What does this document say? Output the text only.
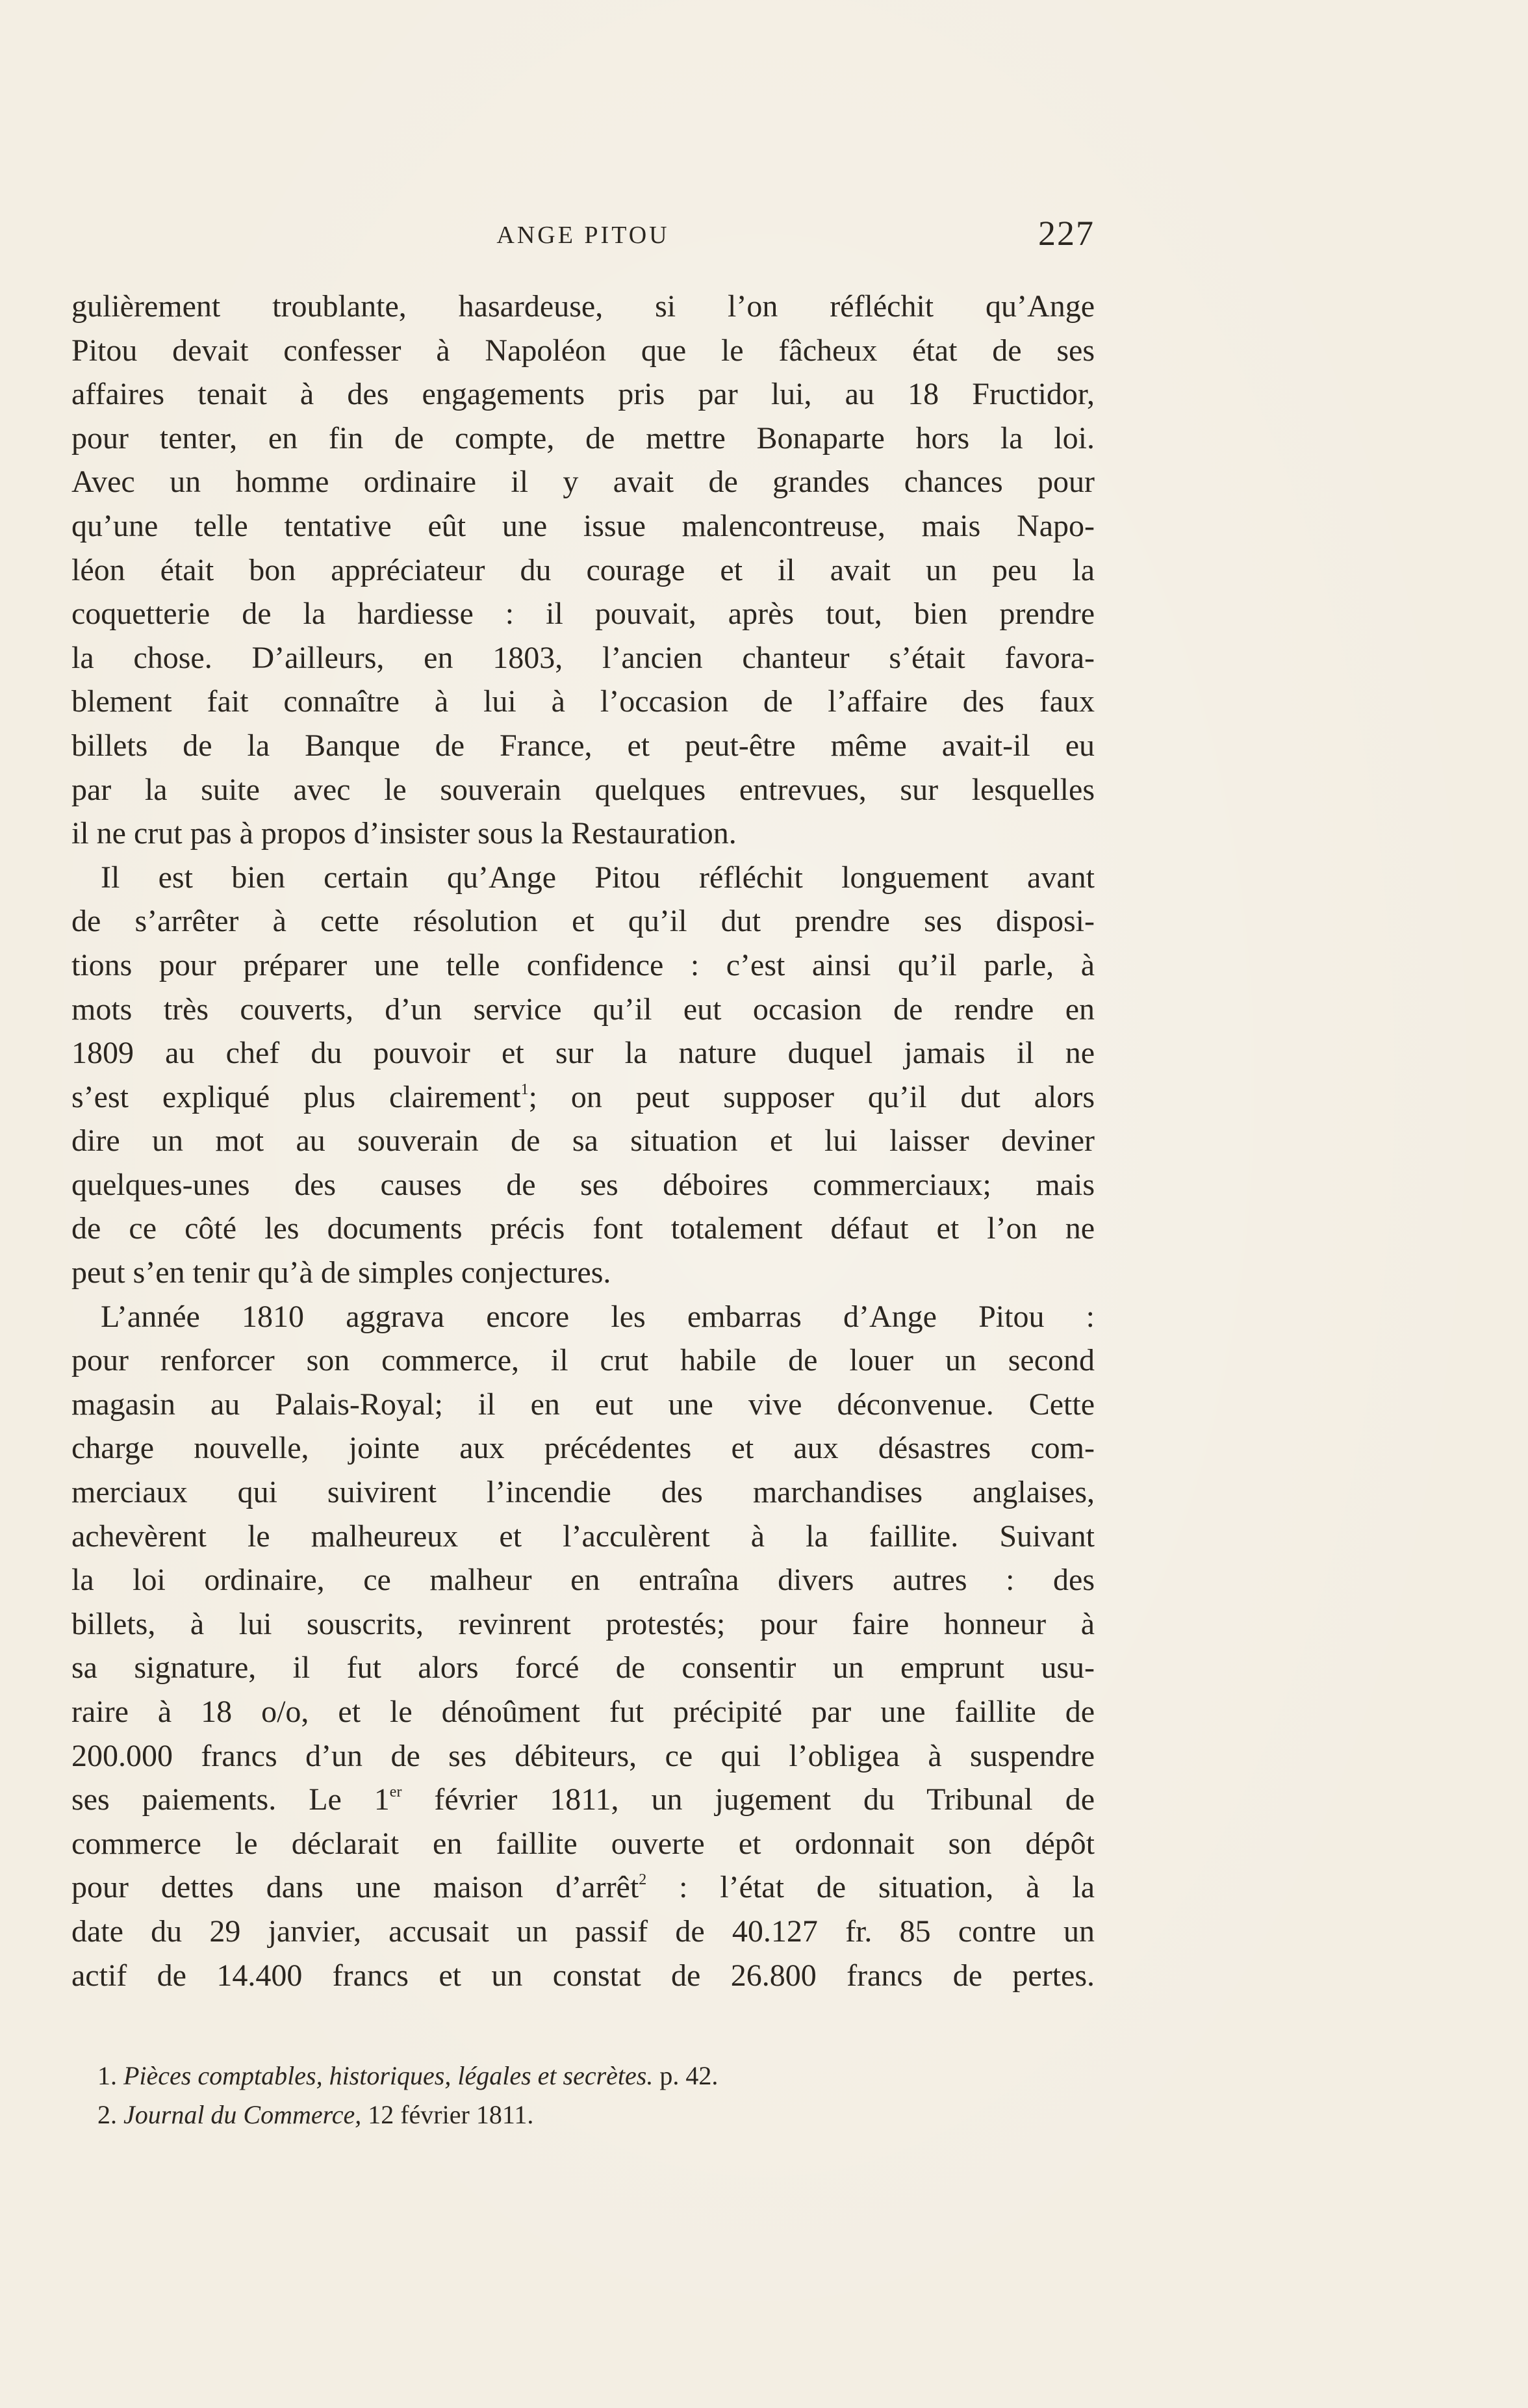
ANGE PITOU	227
gulièrement troublante, hasardeuse, si l’on réfléchit qu’Ange
Pitou devait confesser à Napoléon que le fâcheux état de ses
affaires tenait à des engagements pris par lui, au 18 Fructidor,
pour tenter, en fin de compte, de mettre Bonaparte hors la loi.
Avec un homme ordinaire il y avait de grandes chances pour
qu’une telle tentative eût une issue malencontreuse, mais Napo-
léon était bon appréciateur du courage et il avait un peu la
coquetterie de la hardiesse : il pouvait, après tout, bien prendre
la chose. D’ailleurs, en 1803, l’ancien chanteur s’était favora-
blement fait connaître à lui à l’occasion de l’affaire des faux
billets de la Banque de France, et peut-être même avait-il eu
par la suite avec le souverain quelques entrevues, sur lesquelles
il ne crut pas à propos d’insister sous la Restauration.
Il est bien certain qu’Ange Pitou réfléchit longuement avant
de s’arrêter à cette résolution et qu’il dut prendre ses disposi-
tions pour préparer une telle confidence : c’est ainsi qu’il parle, à
mots très couverts, d’un service qu’il eut occasion de rendre en
1809 au chef du pouvoir et sur la nature duquel jamais il ne
s’est expliqué plus clairement$^1$; on peut supposer qu’il dut alors
dire un mot au souverain de sa situation et lui laisser deviner
quelques-unes des causes de ses déboires commerciaux; mais
de ce côté les documents précis font totalement défaut et l’on ne
peut s’en tenir qu’à de simples conjectures.
L’année 1810 aggrava encore les embarras d’Ange Pitou :
pour renforcer son commerce, il crut habile de louer un second
magasin au Palais-Royal; il en eut une vive déconvenue. Cette
charge nouvelle, jointe aux précédentes et aux désastres com-
merciaux qui suivirent l’incendie des marchandises anglaises,
achevèrent le malheureux et l’acculèrent à la faillite. Suivant
la loi ordinaire, ce malheur en entraîna divers autres : des
billets, à lui souscrits, revinrent protestés; pour faire honneur à
sa signature, il fut alors forcé de consentir un emprunt usu-
raire à 18 o/o, et le dénoûment fut précipité par une faillite de
200.000 francs d’un de ses débiteurs, ce qui l’obligea à suspendre
ses paiements. Le 1er février 1811, un jugement du Tribunal de
commerce le déclarait en faillite ouverte et ordonnait son dépôt
pour dettes dans une maison d’arrêt$^2$ : l’état de situation, à la
date du 29 janvier, accusait un passif de 40.127 fr. 85 contre un
actif de 14.400 francs et un constat de 26.800 francs de pertes.
1. Pièces comptables, historiques, légales et secrètes. p. 42.
2. Journal du Commerce, 12 février 1811.
